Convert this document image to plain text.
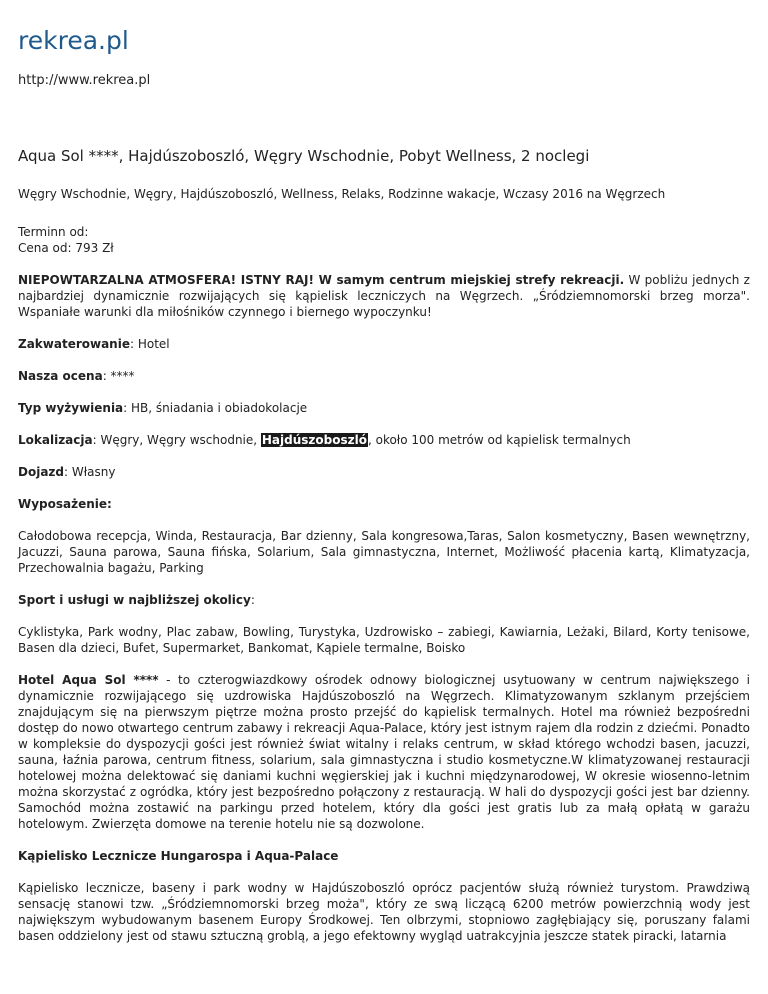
rekrea.pl
http://www.rekrea.pl
Aqua Sol ****, Hajdúszoboszló, Węgry Wschodnie, Pobyt Wellness, 2 noclegi
Węgry Wschodnie, Węgry, Hajdúszoboszló, Wellness, Relaks, Rodzinne wakacje, Wczasy 2016 na Węgrzech
Terminn od:
Cena od: 793 Zł
NIEPOWTARZALNA ATMOSFERA! ISTNY RAJ! W samym centrum miejskiej strefy rekreacji. W pobliżu jednych z najbardziej dynamicznie rozwijających się kąpielisk leczniczych na Węgrzech. „Śródziemnomorski brzeg morza". Wspaniałe warunki dla miłośników czynnego i biernego wypoczynku!
Zakwaterowanie: Hotel
Nasza ocena: ****
Typ wyżywienia: HB, śniadania i obiadokolacje
Lokalizacja: Węgry, Węgry wschodnie, Hajdúszoboszló, około 100 metrów od kąpielisk termalnych
Dojazd: Własny
Wyposażenie:
Całodobowa recepcja, Winda, Restauracja, Bar dzienny, Sala kongresowa,Taras, Salon kosmetyczny, Basen wewnętrzny, Jacuzzi, Sauna parowa, Sauna fińska, Solarium, Sala gimnastyczna, Internet, Możliwość płacenia kartą, Klimatyzacja, Przechowalnia bagażu, Parking
Sport i usługi w najbliższej okolicy:
Cyklistyka, Park wodny, Plac zabaw, Bowling, Turystyka, Uzdrowisko – zabiegi, Kawiarnia, Leżaki, Bilard, Korty tenisowe, Basen dla dzieci, Bufet, Supermarket, Bankomat, Kąpiele termalne, Boisko
Hotel Aqua Sol **** - to czterogwiazdkowy ośrodek odnowy biologicznej usytuowany w centrum największego i dynamicznie rozwijającego się uzdrowiska Hajdúszoboszló na Węgrzech. Klimatyzowanym szklanym przejściem znajdującym się na pierwszym piętrze można prosto przejść do kąpielisk termalnych. Hotel ma również bezpośredni dostęp do nowo otwartego centrum zabawy i rekreacji Aqua-Palace, który jest istnym rajem dla rodzin z dziećmi. Ponadto w kompleksie do dyspozycji gości jest również świat witalny i relaks centrum, w skład którego wchodzi basen, jacuzzi, sauna, łaźnia parowa, centrum fitness, solarium, sala gimnastyczna i studio kosmetyczne.W klimatyzowanej restauracji hotelowej można delektować się daniami kuchni węgierskiej jak i kuchni międzynarodowej, W okresie wiosenno-letnim można skorzystać z ogródka, który jest bezpośredno połączony z restauracją. W hali do dyspozycji gości jest bar dzienny. Samochód można zostawić na parkingu przed hotelem, który dla gości jest gratis lub za małą opłatą w garażu hotelowym. Zwierzęta domowe na terenie hotelu nie są dozwolone.
Kąpielisko Lecznicze Hungarospa i Aqua-Palace
Kąpielisko lecznicze, baseny i park wodny w Hajdúszoboszló oprócz pacjentów służą również turystom. Prawdziwą sensację stanowi tzw. „Śródziemnomorski brzeg moża", który ze swą liczącą 6200 metrów powierzchnią wody jest największym wybudowanym basenem Europy Środkowej. Ten olbrzymi, stopniowo zagłębiający się, poruszany falami basen oddzielony jest od stawu sztuczną groblą, a jego efektowny wygląd uatrakcyjnia jeszcze statek piracki, latarnia
